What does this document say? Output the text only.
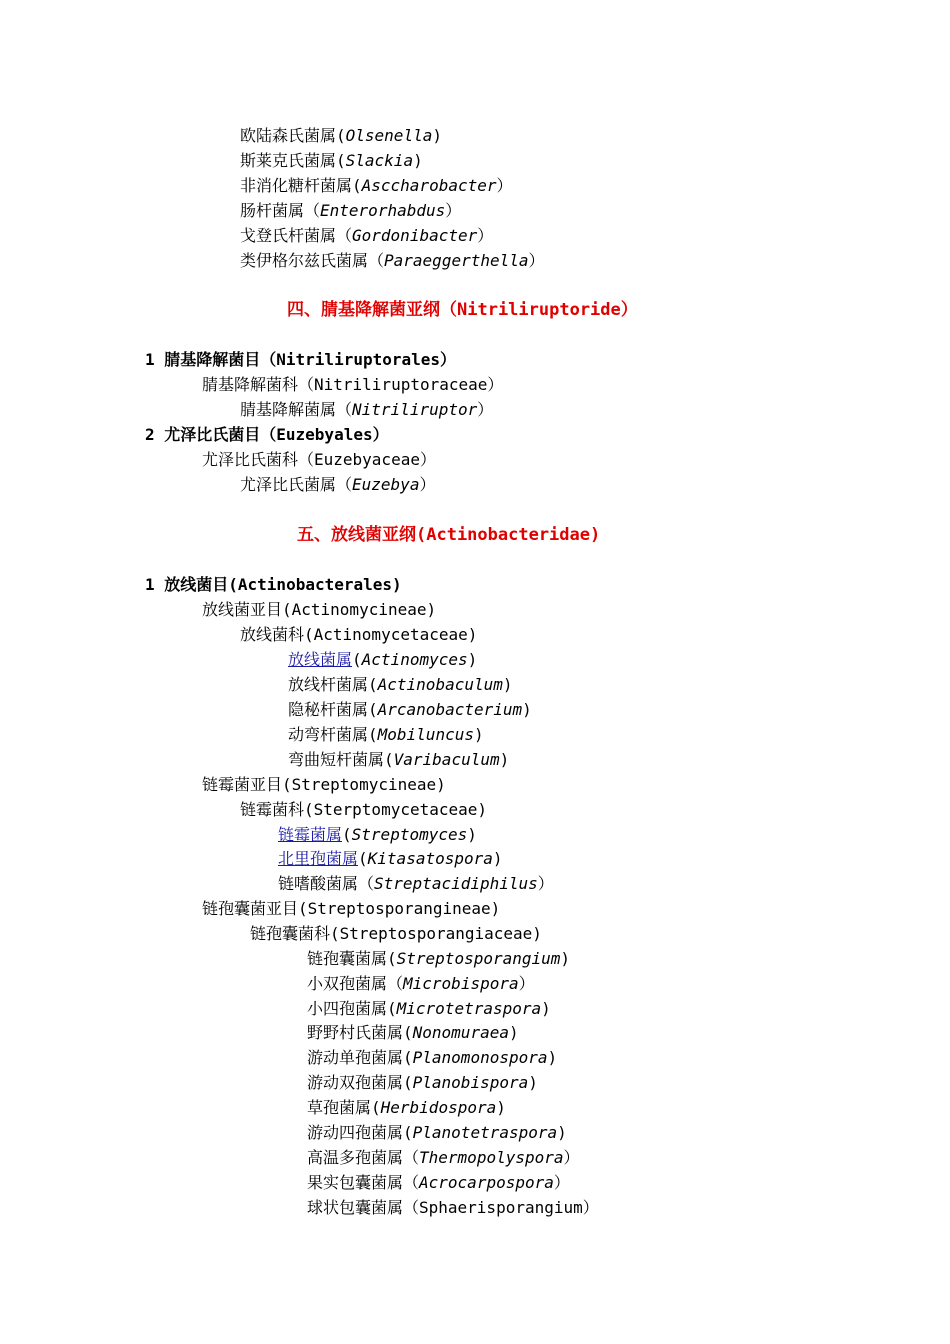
欧陆森氏菌属(Olsenella)
斯莱克氏菌属(Slackia)
非消化糖杆菌属(Asccharobacter）
肠杆菌属（Enterorhabdus）
戈登氏杆菌属（Gordonibacter）
类伊格尔兹氏菌属（Paraeggerthella）
四、腈基降解菌亚纲（Nitriliruptoride）
1 腈基降解菌目（Nitriliruptorales）
腈基降解菌科（Nitriliruptoraceae）
腈基降解菌属（Nitriliruptor）
2 尤泽比氏菌目（Euzebyales）
尤泽比氏菌科（Euzebyaceae）
尤泽比氏菌属（Euzebya）
五、放线菌亚纲(Actinobacteridae)
1 放线菌目(Actinobacterales)
放线菌亚目(Actinomycineae)
放线菌科(Actinomycetaceae)
放线菌属(Actinomyces)
放线杆菌属(Actinobaculum)
隐秘杆菌属(Arcanobacterium)
动弯杆菌属(Mobiluncus)
弯曲短杆菌属(Varibaculum)
链霉菌亚目(Streptomycineae)
链霉菌科(Sterptomycetaceae)
链霉菌属(Streptomyces)
北里孢菌属(Kitasatospora)
链嗜酸菌属（Streptacidiphilus）
链孢囊菌亚目(Streptosporangineae)
链孢囊菌科(Streptosporangiaceae)
链孢囊菌属(Streptosporangium)
小双孢菌属（Microbispora）
小四孢菌属(Microtetraspora)
野野村氏菌属(Nonomuraea)
游动单孢菌属(Planomonospora)
游动双孢菌属(Planobispora)
草孢菌属(Herbidospora)
游动四孢菌属(Planotetraspora)
高温多孢菌属（Thermopolyspora）
果实包囊菌属（Acrocarpospora）
球状包囊菌属（Sphaerisporangium）
